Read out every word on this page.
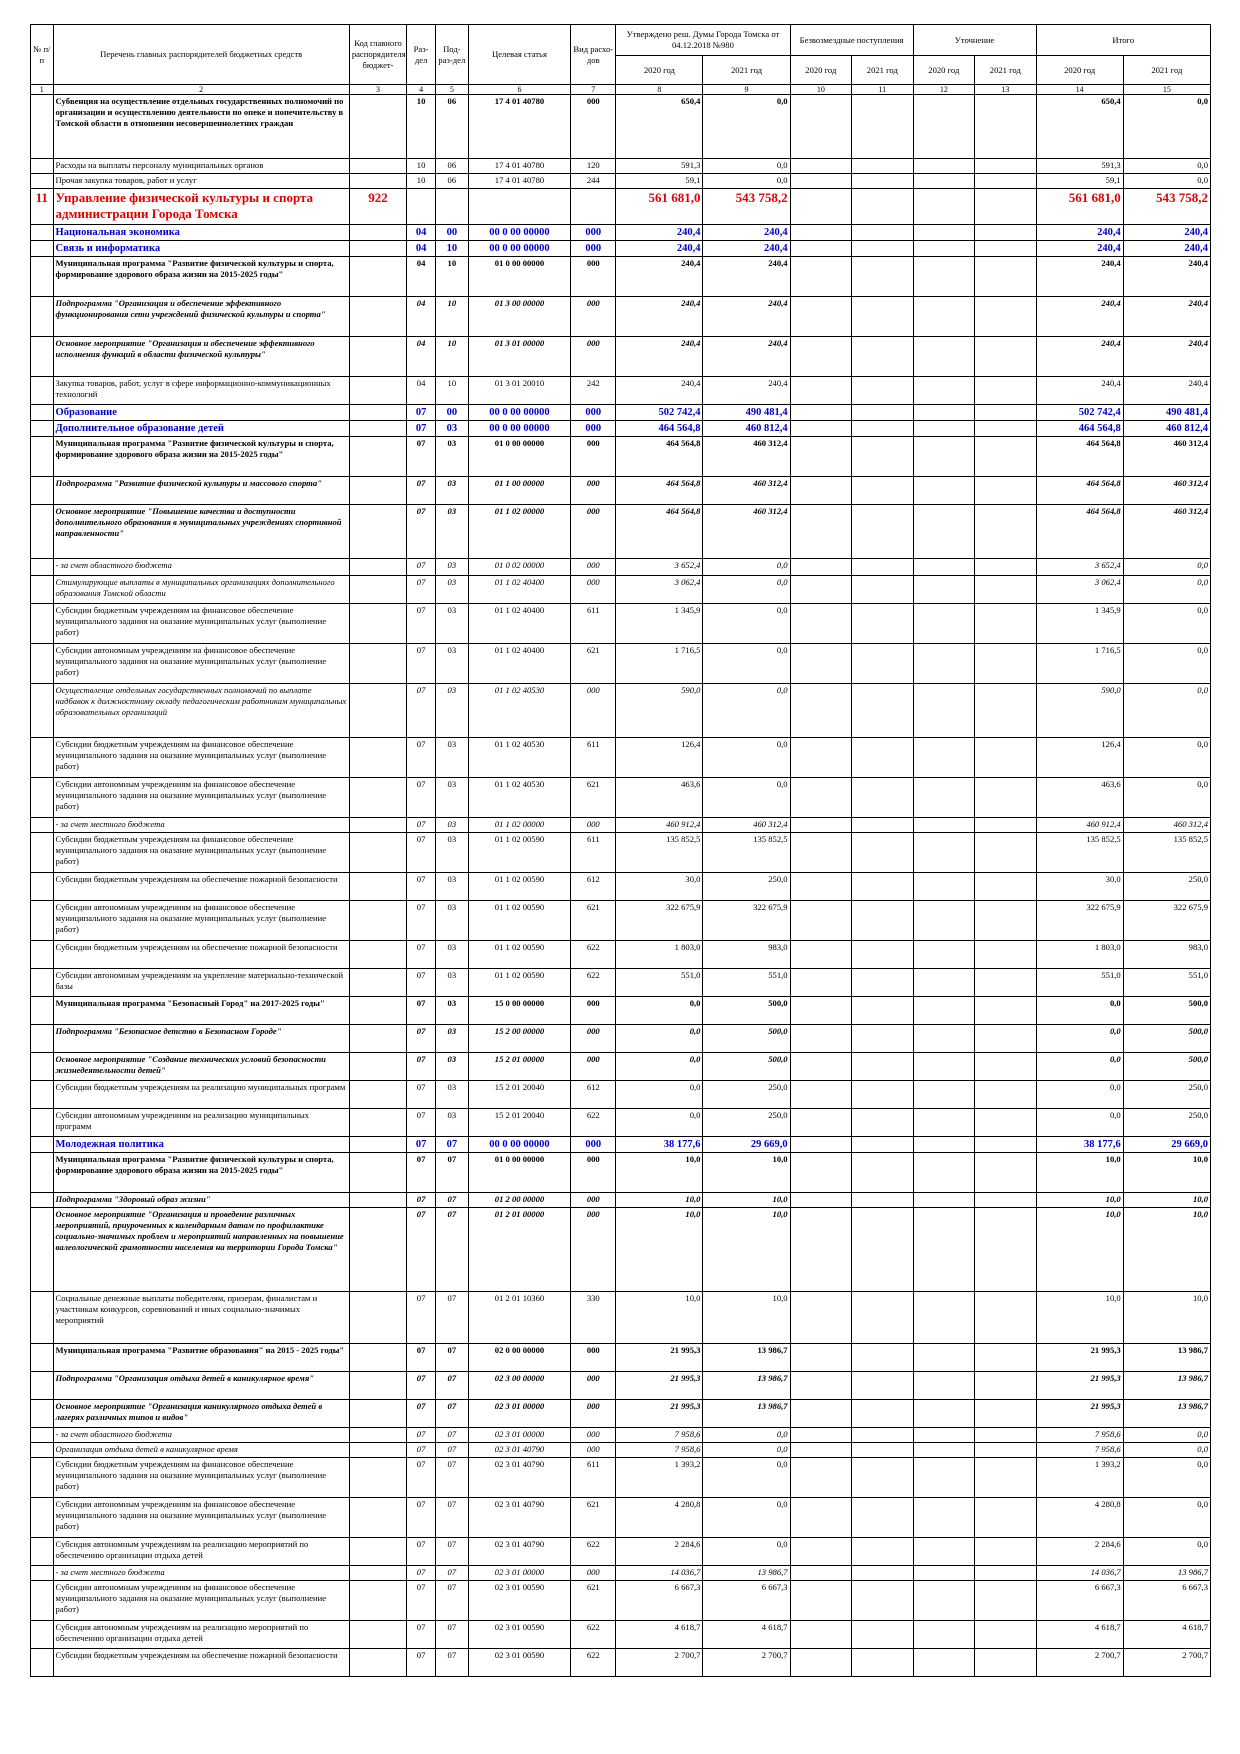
№ п/п	Перечень главных распорядителей бюджетных средств	Код главного распорядителя бюджет-	Раз-дел	Под-раз-дел	Целевая статья	Вид расхо-дов	Утверждено реш. Думы Города Томска от 04.12.2018 №980		Безвозмездные поступления		Уточнение		Итого	
							2020 год	2021 год	2020 год	2021 год	2020 год	2021 год	2020 год	2021 год
1	2	3	4	5	6	7	8	9	10	11	12	13	14	15
	Субвенция на осуществление отдельных государственных полномочий по организации и осуществлению деятельности по опеке и попечительству в Томской области в отношении несовершеннолетних граждан		10	06	17 4 01 40780	000	650,4	0,0					650,4	0,0
	Расходы на выплаты персоналу муниципальных органов		10	06	17 4 01 40780	120	591,3	0,0					591,3	0,0
	Прочая закупка товаров, работ и услуг		10	06	17 4 01 40780	244	59,1	0,0					59,1	0,0
11	Управление физической культуры и спорта администрации Города Томска	922					561 681,0	543 758,2					561 681,0	543 758,2
	Национальная экономика		04	00	00 0 00 00000	000	240,4	240,4					240,4	240,4
	Связь и информатика		04	10	00 0 00 00000	000	240,4	240,4					240,4	240,4
	Муниципальная программа "Развитие физической культуры и спорта, формирование здорового образа жизни на 2015-2025 годы"		04	10	01 0 00 00000	000	240,4	240,4					240,4	240,4
	Подпрограмма "Организация и обеспечение эффективного функционирования сети учреждений физической культуры и спорта"		04	10	01 3 00 00000	000	240,4	240,4					240,4	240,4
	Основное мероприятие "Организация и обеспечение эффективного исполнения функций в области физической культуры"		04	10	01 3 01 00000	000	240,4	240,4					240,4	240,4
	Закупка товаров, работ, услуг в сфере информационно-коммуникационных технологий		04	10	01 3 01 20010	242	240,4	240,4					240,4	240,4
	Образование		07	00	00 0 00 00000	000	502 742,4	490 481,4					502 742,4	490 481,4
	Дополнительное образование детей		07	03	00 0 00 00000	000	464 564,8	460 812,4					464 564,8	460 812,4
	Муниципальная программа "Развитие физической культуры и спорта, формирование здорового образа жизни на 2015-2025 годы"		07	03	01 0 00 00000	000	464 564,8	460 312,4					464 564,8	460 312,4
	Подпрограмма "Развитие физической культуры и массового спорта"		07	03	01 1 00 00000	000	464 564,8	460 312,4					464 564,8	460 312,4
	Основное мероприятие "Повышение качества и доступности дополнительного образования в муниципальных учреждениях спортивной направленности"		07	03	01 1 02 00000	000	464 564,8	460 312,4					464 564,8	460 312,4
	- за счет областного бюджета		07	03	01 0 02 00000	000	3 652,4	0,0					3 652,4	0,0
	Стимулирующие выплаты в муниципальных организациях дополнительного образования Томской области		07	03	01 1 02 40400	000	3 062,4	0,0					3 062,4	0,0
	Субсидии бюджетным учреждениям на финансовое обеспечение муниципального задания на оказание муниципальных услуг (выполнение работ)		07	03	01 1 02 40400	611	1 345,9	0,0					1 345,9	0,0
	Субсидии автономным учреждениям на финансовое обеспечение муниципального задания на оказание муниципальных услуг (выполнение работ)		07	03	01 1 02 40400	621	1 716,5	0,0					1 716,5	0,0
	Осуществление отдельных государственных полномочий по выплате надбавок к должностному окладу педагогическим работникам муниципальных образовательных организаций		07	03	01 1 02 40530	000	590,0	0,0					590,0	0,0
	Субсидии бюджетным учреждениям на финансовое обеспечение муниципального задания на оказание муниципальных услуг (выполнение работ)		07	03	01 1 02 40530	611	126,4	0,0					126,4	0,0
	Субсидии автономным учреждениям на финансовое обеспечение муниципального задания на оказание муниципальных услуг (выполнение работ)		07	03	01 1 02 40530	621	463,6	0,0					463,6	0,0
	- за счет местного бюджета		07	03	01 1 02 00000	000	460 912,4	460 312,4					460 912,4	460 312,4
	Субсидии бюджетным учреждениям на финансовое обеспечение муниципального задания на оказание муниципальных услуг (выполнение работ)		07	03	01 1 02 00590	611	135 852,5	135 852,5					135 852,5	135 852,5
	Субсидии бюджетным учреждениям на обеспечение пожарной безопасности		07	03	01 1 02 00590	612	30,0	250,0					30,0	250,0
	Субсидии автономным учреждениям на финансовое обеспечение муниципального задания на оказание муниципальных услуг (выполнение работ)		07	03	01 1 02 00590	621	322 675,9	322 675,9					322 675,9	322 675,9
	Субсидии бюджетным учреждениям на обеспечение пожарной безопасности		07	03	01 1 02 00590	622	1 803,0	983,0					1 803,0	983,0
	Субсидии автономным учреждениям на укрепление материально-технической базы		07	03	01 1 02 00590	622	551,0	551,0					551,0	551,0
	Муниципальная программа "Безопасный Город" на 2017-2025 годы"		07	03	15 0 00 00000	000	0,0	500,0					0,0	500,0
	Подпрограмма "Безопасное детство в Безопасном Городе"		07	03	15 2 00 00000	000	0,0	500,0					0,0	500,0
	Основное мероприятие "Создание технических условий безопасности жизнедеятельности детей"		07	03	15 2 01 00000	000	0,0	500,0					0,0	500,0
	Субсидии бюджетным учреждениям на реализацию муниципальных программ		07	03	15 2 01 20040	612	0,0	250,0					0,0	250,0
	Субсидии автономным учреждениям на реализацию муниципальных программ		07	03	15 2 01 20040	622	0,0	250,0					0,0	250,0
	Молодежная политика		07	07	00 0 00 00000	000	38 177,6	29 669,0					38 177,6	29 669,0
	Муниципальная программа "Развитие физической культуры и спорта, формирование здорового образа жизни на 2015-2025 годы"		07	07	01 0 00 00000	000	10,0	10,0					10,0	10,0
	Подпрограмма "Здоровый образ жизни"		07	07	01 2 00 00000	000	10,0	10,0					10,0	10,0
	Основное мероприятие "Организация и проведение различных мероприятий, приуроченных к календарным датам по профилактике социально-значимых проблем и мероприятий направленных на повышение валеологической грамотности населения на территории Города Томска"		07	07	01 2 01 00000	000	10,0	10,0					10,0	10,0
	Социальные денежные выплаты победителям, призерам, финалистам и участникам конкурсов, соревнований и иных социально-значимых мероприятий		07	07	01 2 01 10360	330	10,0	10,0					10,0	10,0
	Муниципальная программа "Развитие образования" на 2015 - 2025 годы"		07	07	02 0 00 00000	000	21 995,3	13 986,7					21 995,3	13 986,7
	Подпрограмма "Организация отдыха детей в каникулярное время"		07	07	02 3 00 00000	000	21 995,3	13 986,7					21 995,3	13 986,7
	Основное мероприятие "Организация каникулярного отдыха детей в лагерях различных типов и видов"		07	07	02 3 01 00000	000	21 995,3	13 986,7					21 995,3	13 986,7
	- за счет областного бюджета		07	07	02 3 01 00000	000	7 958,6	0,0					7 958,6	0,0
	Организация отдыха детей в каникулярное время		07	07	02 3 01 40790	000	7 958,6	0,0					7 958,6	0,0
	Субсидии бюджетным учреждениям на финансовое обеспечение муниципального задания на оказание муниципальных услуг (выполнение работ)		07	07	02 3 01 40790	611	1 393,2	0,0					1 393,2	0,0
	Субсидии автономным учреждениям на финансовое обеспечение муниципального задания на оказание муниципальных услуг (выполнение работ)		07	07	02 3 01 40790	621	4 280,8	0,0					4 280,8	0,0
	Субсидия автономным учреждениям на реализацию мероприятий по обеспечению организации отдыха детей		07	07	02 3 01 40790	622	2 284,6	0,0					2 284,6	0,0
	- за счет местного бюджета		07	07	02 3 01 00000	000	14 036,7	13 986,7					14 036,7	13 986,7
	Субсидии автономным учреждениям на финансовое обеспечение муниципального задания на оказание муниципальных услуг (выполнение работ)		07	07	02 3 01 00590	621	6 667,3	6 667,3					6 667,3	6 667,3
	Субсидия автономным учреждениям на реализацию мероприятий по обеспечению организации отдыха детей		07	07	02 3 01 00590	622	4 618,7	4 618,7					4 618,7	4 618,7
	Субсидии бюджетным учреждениям на обеспечение пожарной безопасности		07	07	02 3 01 00590	622	2 700,7	2 700,7					2 700,7	2 700,7
